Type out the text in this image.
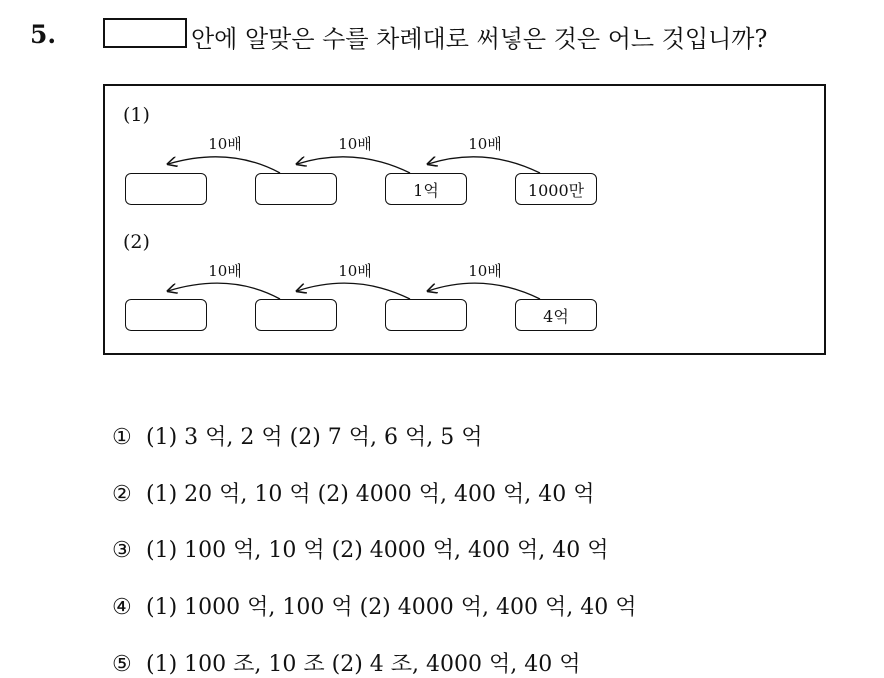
5.	안에 알맞은 수를 차례대로 써넣은 것은 어느 것입니까?
(1)
10배	10배	10배
1억	1000만
(2)
10배	10배	10배
4억
① (1) 3 억, 2 억 (2) 7 억, 6 억, 5 억
② (1) 20 억, 10 억 (2) 4000 억, 400 억, 40 억
③ (1) 100 억, 10 억 (2) 4000 억, 400 억, 40 억
④ (1) 1000 억, 100 억 (2) 4000 억, 400 억, 40 억
⑤ (1) 100 조, 10 조 (2) 4 조, 4000 억, 40 억
